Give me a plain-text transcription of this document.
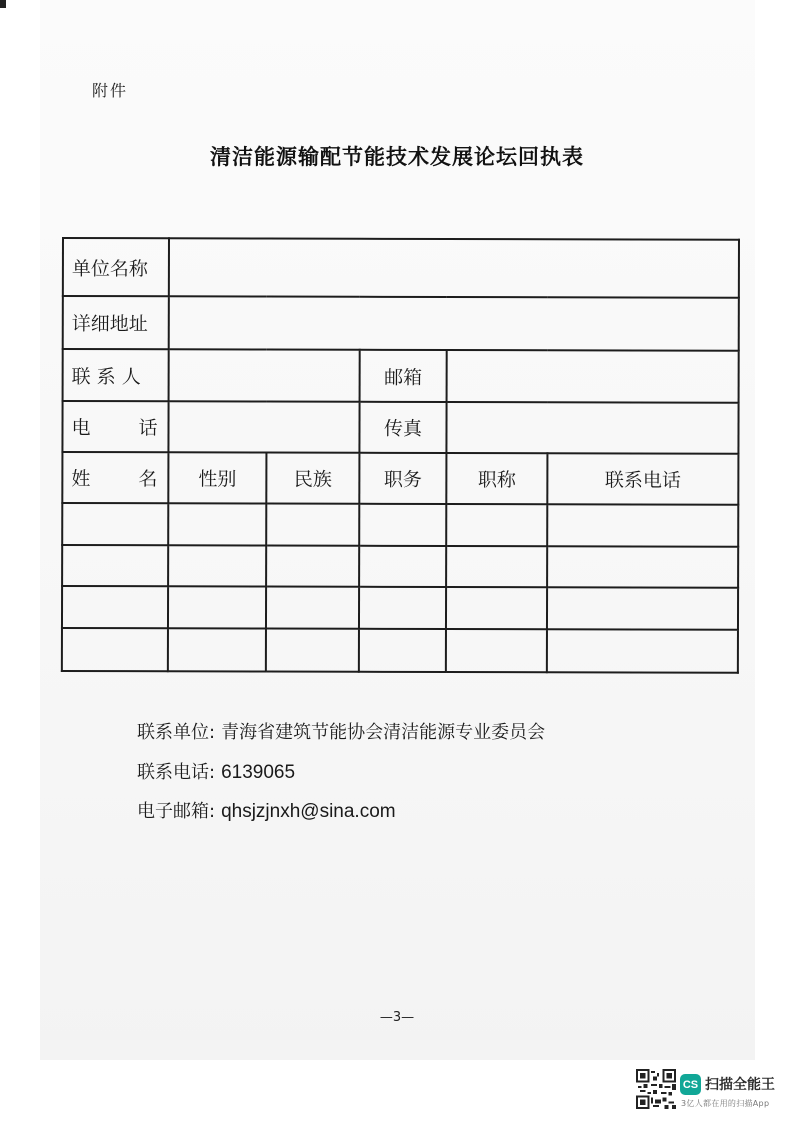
附件
清洁能源输配节能技术发展论坛回执表
单位名称					
详细地址					
联 系 人			邮箱		
电 话			传真		
姓 名	性别	民族	职务	职称	联系电话

联系单位: 青海省建筑节能协会清洁能源专业委员会
联系电话: 6139065
电子邮箱: qhsjzjnxh@sina.com
—3—
CS 扫描全能王
3亿人都在用的扫描App
